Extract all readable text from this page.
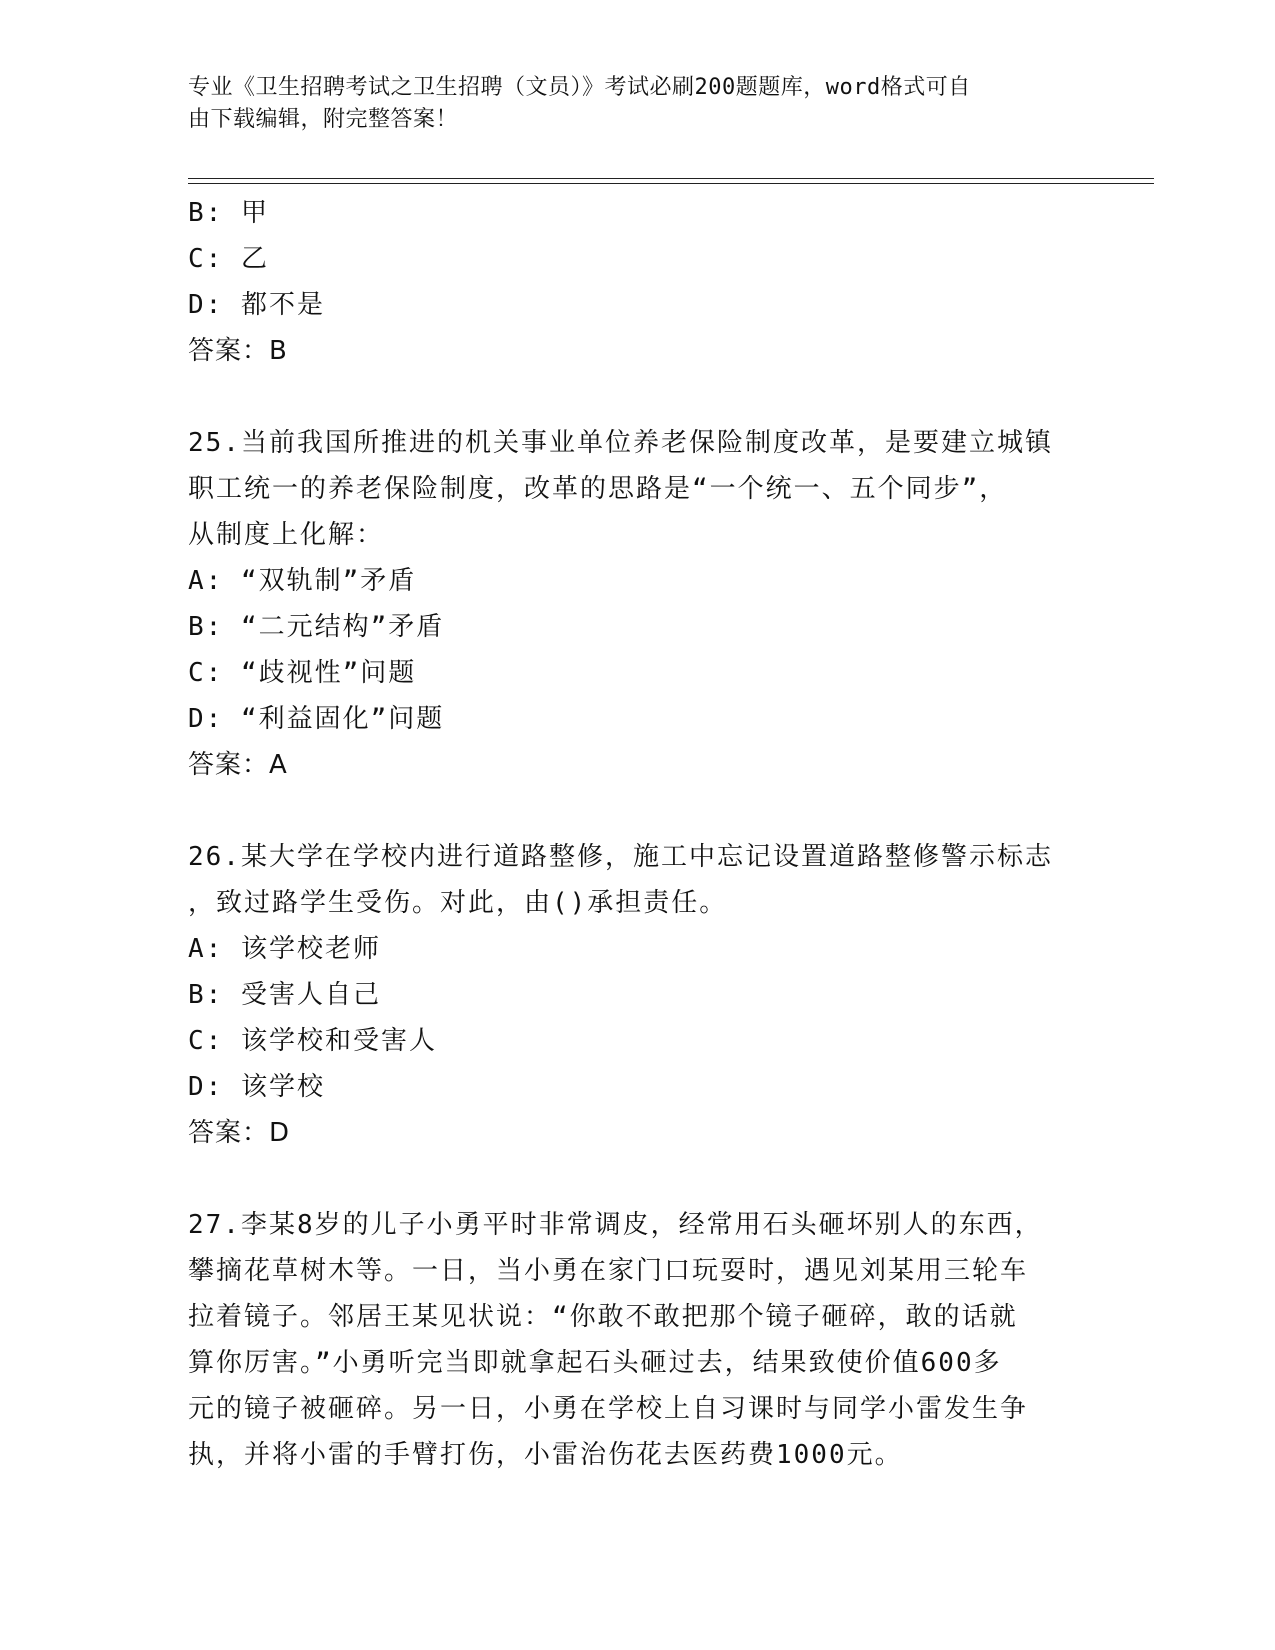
专业《卫生招聘考试之卫生招聘（文员）》考试必刷200题题库，word格式可自
由下载编辑，附完整答案！
B: 甲
C: 乙
D: 都不是
答案：B
25.当前我国所推进的机关事业单位养老保险制度改革，是要建立城镇
职工统一的养老保险制度，改革的思路是“一个统一、五个同步”，
从制度上化解：
A: “双轨制”矛盾
B: “二元结构”矛盾
C: “歧视性”问题
D: “利益固化”问题
答案：A
26.某大学在学校内进行道路整修，施工中忘记设置道路整修警示标志
，致过路学生受伤。对此，由()承担责任。
A: 该学校老师
B: 受害人自己
C: 该学校和受害人
D: 该学校
答案：D
27.李某8岁的儿子小勇平时非常调皮，经常用石头砸坏别人的东西，
攀摘花草树木等。一日，当小勇在家门口玩耍时，遇见刘某用三轮车
拉着镜子。邻居王某见状说：“你敢不敢把那个镜子砸碎，敢的话就
算你厉害。”小勇听完当即就拿起石头砸过去，结果致使价值600多
元的镜子被砸碎。另一日，小勇在学校上自习课时与同学小雷发生争
执，并将小雷的手臂打伤，小雷治伤花去医药费1000元。
